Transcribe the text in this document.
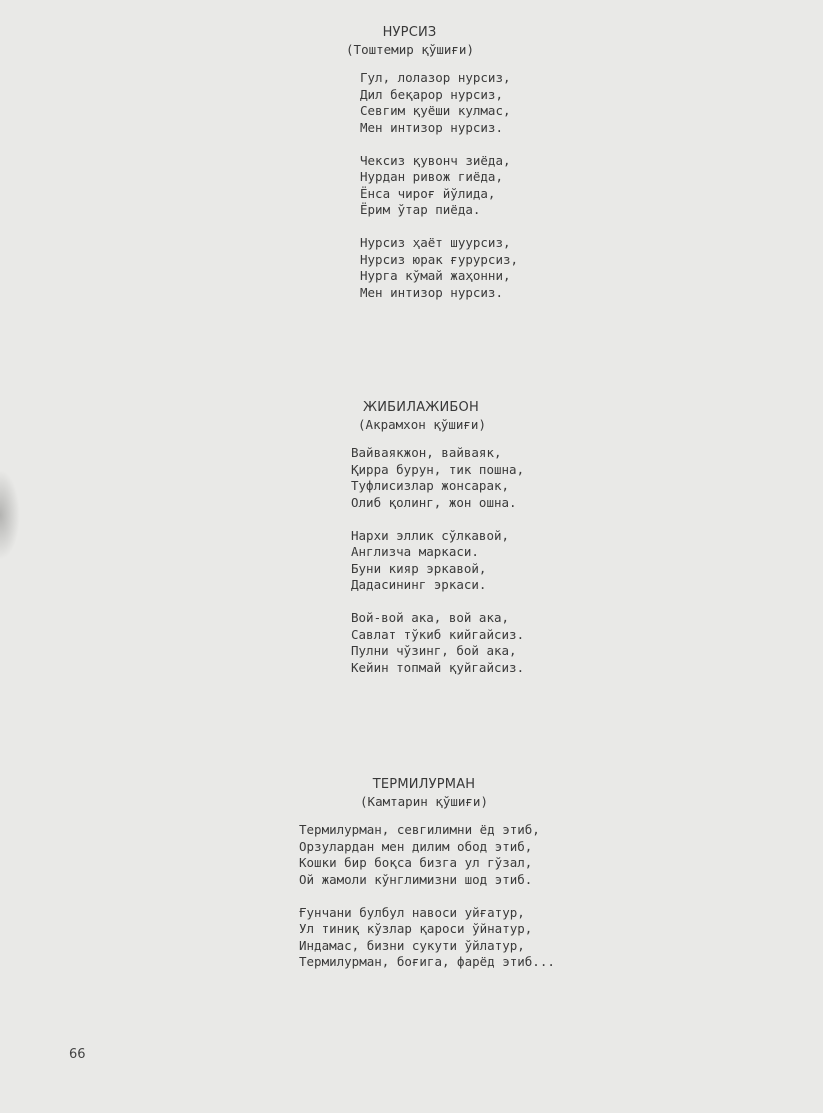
НУРСИЗ
(Тоштемир қўшиғи)
Гул, лолазор нурсиз,
Дил беқарор нурсиз,
Севгим қуёши кулмас,
Мен интизор нурсиз.
Чексиз қувонч зиёда,
Нурдан ривож гиёда,
Ёнса чироғ йўлида,
Ёрим ўтар пиёда.
Нурсиз ҳаёт шуурсиз,
Нурсиз юрак ғурурсиз,
Нурга кўмай жаҳонни,
Мен интизор нурсиз.
ЖИБИЛАЖИБОН
(Акрамхон қўшиғи)
Вайваякжон, вайваяк,
Қирра бурун, тик пошна,
Туфлисизлар жонсарак,
Олиб қолинг, жон ошна.
Нархи эллик сўлкавой,
Англизча маркаси.
Буни кияр эркавой,
Дадасининг эркаси.
Вой-вой ака, вой ака,
Савлат тўкиб кийгайсиз.
Пулни чўзинг, бой ака,
Кейин топмай қуйгайсиз.
ТЕРМИЛУРМАН
(Камтарин қўшиғи)
Термилурман, севгилимни ёд этиб,
Орзулардан мен дилим обод этиб,
Кошки бир боқса бизга ул гўзал,
Ой жамоли кўнглимизни шод этиб.
Ғунчани булбул навоси уйғатур,
Ул тиниқ кўзлар қароси ўйнатур,
Индамас, бизни сукути ўйлатур,
Термилурман, боғига, фарёд этиб...
66
